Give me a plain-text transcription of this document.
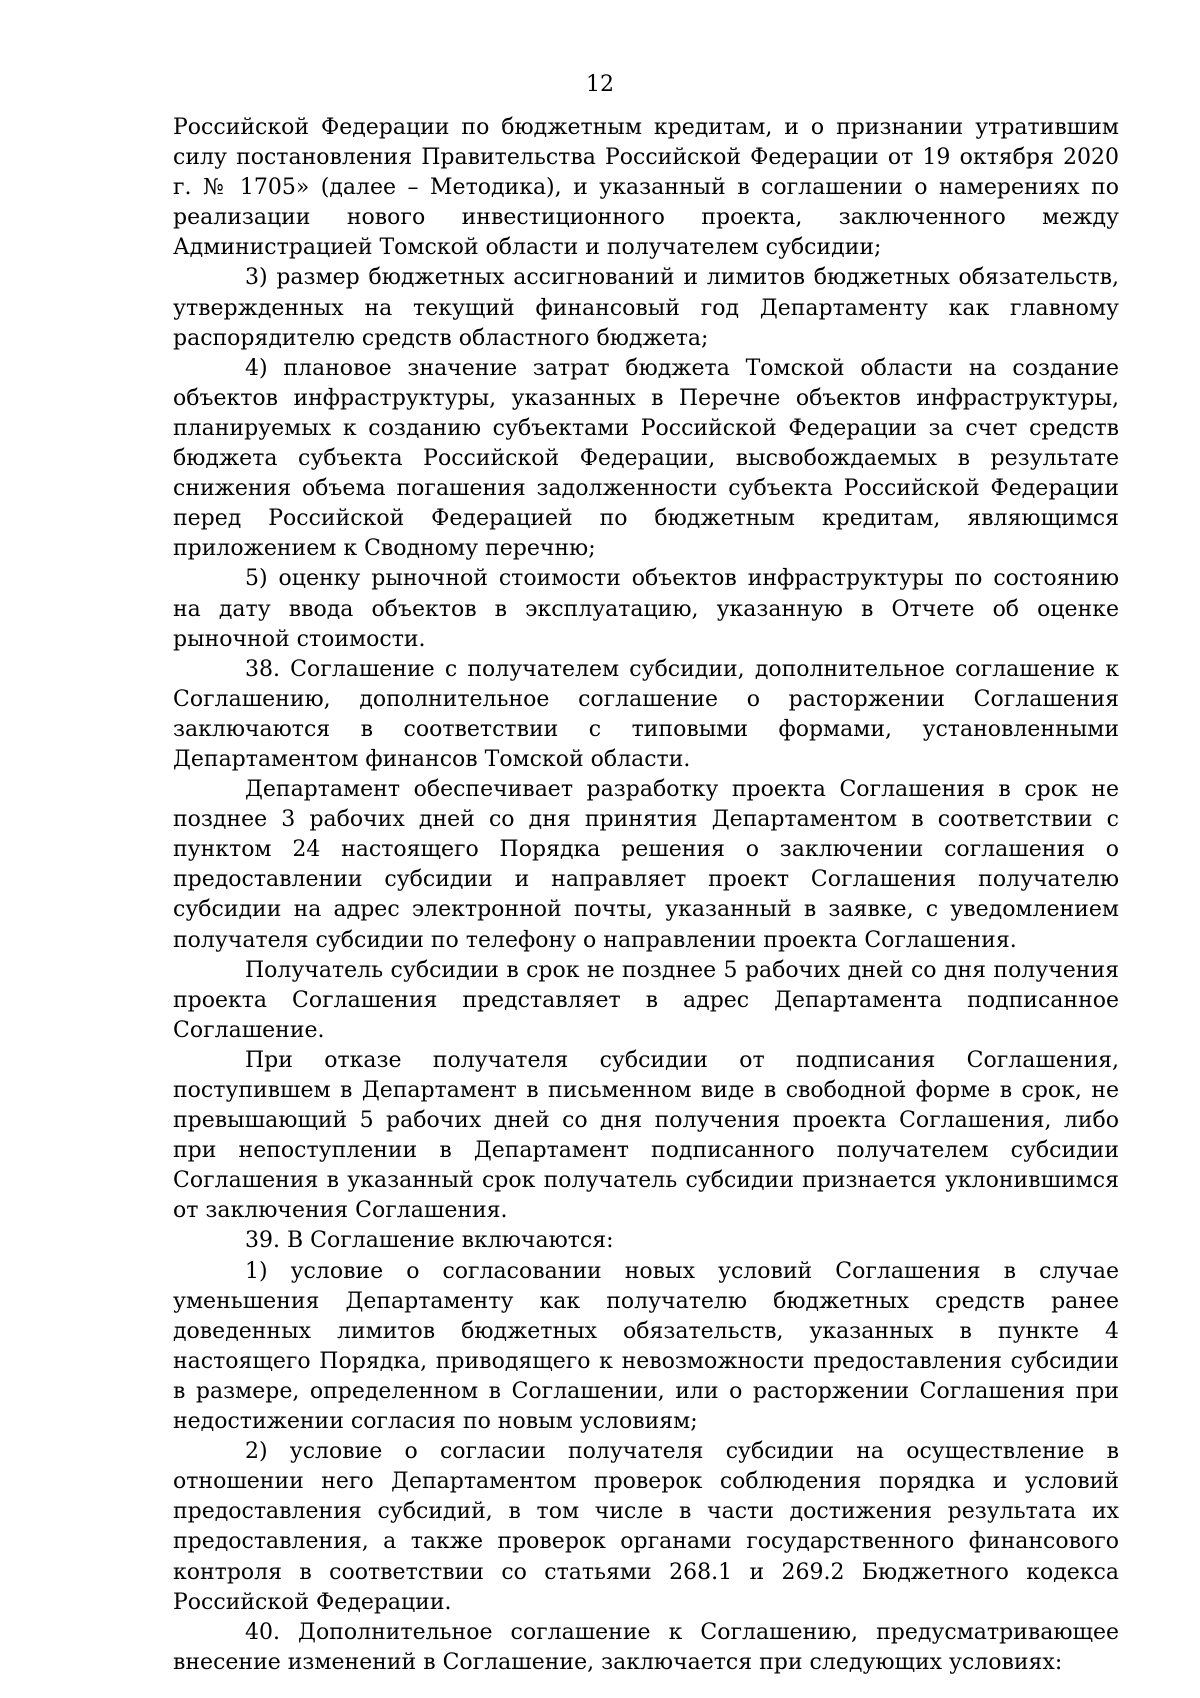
12

Российской Федерации по бюджетным кредитам, и о признании утратившим силу постановления Правительства Российской Федерации от 19 октября 2020 г. № 1705» (далее – Методика), и указанный в соглашении о намерениях по реализации нового инвестиционного проекта, заключенного между Администрацией Томской области и получателем субсидии;

3) размер бюджетных ассигнований и лимитов бюджетных обязательств, утвержденных на текущий финансовый год Департаменту как главному распорядителю средств областного бюджета;

4) плановое значение затрат бюджета Томской области на создание объектов инфраструктуры, указанных в Перечне объектов инфраструктуры, планируемых к созданию субъектами Российской Федерации за счет средств бюджета субъекта Российской Федерации, высвобождаемых в результате снижения объема погашения задолженности субъекта Российской Федерации перед Российской Федерацией по бюджетным кредитам, являющимся приложением к Сводному перечню;

5) оценку рыночной стоимости объектов инфраструктуры по состоянию на дату ввода объектов в эксплуатацию, указанную в Отчете об оценке рыночной стоимости.

38. Соглашение с получателем субсидии, дополнительное соглашение к Соглашению, дополнительное соглашение о расторжении Соглашения заключаются в соответствии с типовыми формами, установленными Департаментом финансов Томской области.

Департамент обеспечивает разработку проекта Соглашения в срок не позднее 3 рабочих дней со дня принятия Департаментом в соответствии с пунктом 24 настоящего Порядка решения о заключении соглашения о предоставлении субсидии и направляет проект Соглашения получателю субсидии на адрес электронной почты, указанный в заявке, с уведомлением получателя субсидии по телефону о направлении проекта Соглашения.

Получатель субсидии в срок не позднее 5 рабочих дней со дня получения проекта Соглашения представляет в адрес Департамента подписанное Соглашение.

При отказе получателя субсидии от подписания Соглашения, поступившем в Департамент в письменном виде в свободной форме в срок, не превышающий 5 рабочих дней со дня получения проекта Соглашения, либо при непоступлении в Департамент подписанного получателем субсидии Соглашения в указанный срок получатель субсидии признается уклонившимся от заключения Соглашения.

39. В Соглашение включаются:

1) условие о согласовании новых условий Соглашения в случае уменьшения Департаменту как получателю бюджетных средств ранее доведенных лимитов бюджетных обязательств, указанных в пункте 4 настоящего Порядка, приводящего к невозможности предоставления субсидии в размере, определенном в Соглашении, или о расторжении Соглашения при недостижении согласия по новым условиям;

2) условие о согласии получателя субсидии на осуществление в отношении него Департаментом проверок соблюдения порядка и условий предоставления субсидий, в том числе в части достижения результата их предоставления, а также проверок органами государственного финансового контроля в соответствии со статьями 268.1 и 269.2 Бюджетного кодекса Российской Федерации.

40. Дополнительное соглашение к Соглашению, предусматривающее внесение изменений в Соглашение, заключается при следующих условиях:
